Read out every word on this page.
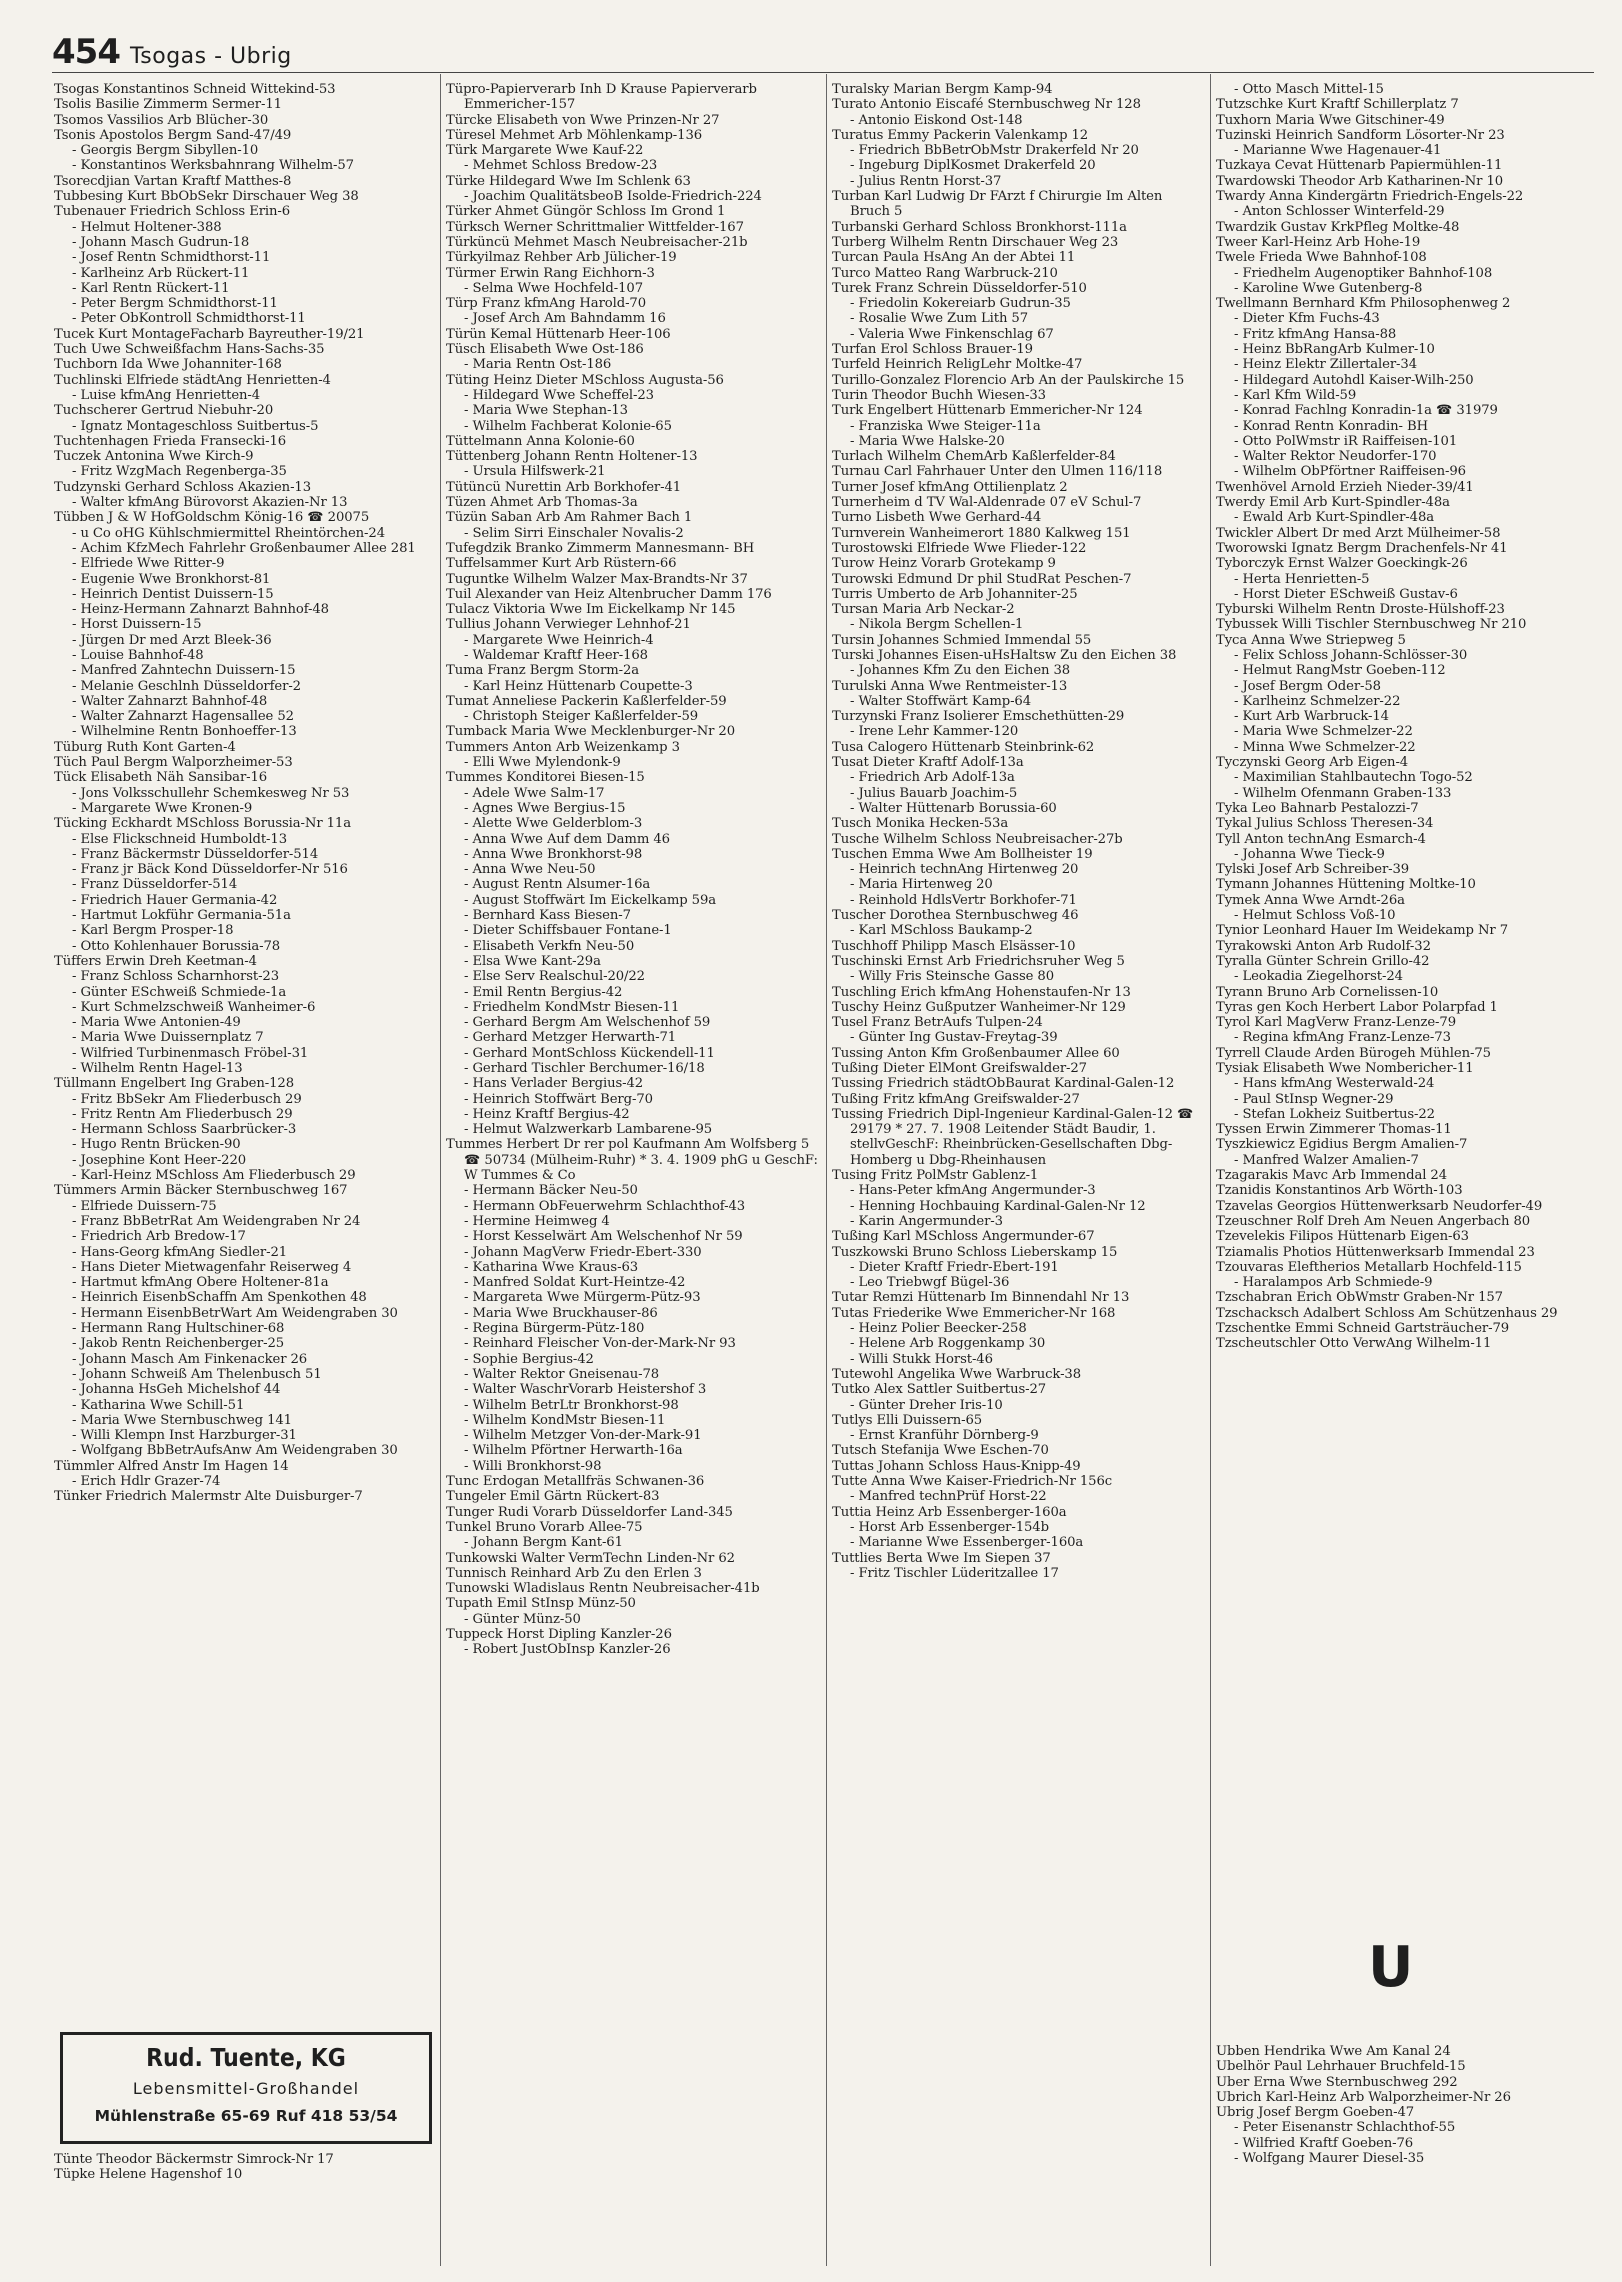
454 Tsogas - Ubrig
Tsogas Konstantinos Schneid Wittekind-53
Tsolis Basilie Zimmerm Sermer-11
Tsomos Vassilios Arb Blücher-30
Tsonis Apostolos Bergm Sand-47/49
- Georgis Bergm Sibyllen-10
- Konstantinos Werksbahnrang Wilhelm-57
Tsorecdjian Vartan Kraftf Matthes-8
Tubbesing Kurt BbObSekr Dirschauer Weg 38
Tubenauer Friedrich Schloss Erin-6
- Helmut Holtener-388
- Johann Masch Gudrun-18
- Josef Rentn Schmidthorst-11
- Karlheinz Arb Rückert-11
- Karl Rentn Rückert-11
- Peter Bergm Schmidthorst-11
- Peter ObKontroll Schmidthorst-11
Tucek Kurt MontageFacharb Bayreuther-19/21
Tuch Uwe Schweißfachm Hans-Sachs-35
Tuchborn Ida Wwe Johanniter-168
Tuchlinski Elfriede städtAng Henrietten-4
- Luise kfmAng Henrietten-4
Tuchscherer Gertrud Niebuhr-20
- Ignatz Montageschloss Suitbertus-5
Tuchtenhagen Frieda Fransecki-16
Tuczek Antonina Wwe Kirch-9
- Fritz WzgMach Regenberga-35
Tudzynski Gerhard Schloss Akazien-13
- Walter kfmAng Bürovorst Akazien-Nr 13
Tübben J & W HofGoldschm König-16 ☎ 20075
- u Co oHG Kühlschmiermittel Rheintörchen-24
- Achim KfzMech Fahrlehr Großenbaumer Allee 281
- Elfriede Wwe Ritter-9
- Eugenie Wwe Bronkhorst-81
- Heinrich Dentist Duissern-15
- Heinz-Hermann Zahnarzt Bahnhof-48
- Horst Duissern-15
- Jürgen Dr med Arzt Bleek-36
- Louise Bahnhof-48
- Manfred Zahntechn Duissern-15
- Melanie Geschlnh Düsseldorfer-2
- Walter Zahnarzt Bahnhof-48
- Walter Zahnarzt Hagensallee 52
- Wilhelmine Rentn Bonhoeffer-13
Tüburg Ruth Kont Garten-4
Tüch Paul Bergm Walporzheimer-53
Tück Elisabeth Näh Sansibar-16
- Jons Volksschullehr Schemkesweg Nr 53
- Margarete Wwe Kronen-9
Tücking Eckhardt MSchloss Borussia-Nr 11a
- Else Flickschneid Humboldt-13
- Franz Bäckermstr Düsseldorfer-514
- Franz jr Bäck Kond Düsseldorfer-Nr 516
- Franz Düsseldorfer-514
- Friedrich Hauer Germania-42
- Hartmut Lokführ Germania-51a
- Karl Bergm Prosper-18
- Otto Kohlenhauer Borussia-78
Tüffers Erwin Dreh Keetman-4
- Franz Schloss Scharnhorst-23
- Günter ESchweiß Schmiede-1a
- Kurt Schmelzschweiß Wanheimer-6
- Maria Wwe Antonien-49
- Maria Wwe Duissernplatz 7
- Wilfried Turbinenmasch Fröbel-31
- Wilhelm Rentn Hagel-13
Tüllmann Engelbert Ing Graben-128
- Fritz BbSekr Am Fliederbusch 29
- Fritz Rentn Am Fliederbusch 29
- Hermann Schloss Saarbrücker-3
- Hugo Rentn Brücken-90
- Josephine Kont Heer-220
- Karl-Heinz MSchloss Am Fliederbusch 29
Tümmers Armin Bäcker Sternbuschweg 167
- Elfriede Duissern-75
- Franz BbBetrRat Am Weidengraben Nr 24
- Friedrich Arb Bredow-17
- Hans-Georg kfmAng Siedler-21
- Hans Dieter Mietwagenfahr Reiserweg 4
- Hartmut kfmAng Obere Holtener-81a
- Heinrich EisenbSchaffn Am Spenkothen 48
- Hermann EisenbBetrWart Am Weidengraben 30
- Hermann Rang Hultschiner-68
- Jakob Rentn Reichenberger-25
- Johann Masch Am Finkenacker 26
- Johann Schweiß Am Thelenbusch 51
- Johanna HsGeh Michelshof 44
- Katharina Wwe Schill-51
- Maria Wwe Sternbuschweg 141
- Willi Klempn Inst Harzburger-31
- Wolfgang BbBetrAufsAnw Am Weidengraben 30
Tümmler Alfred Anstr Im Hagen 14
- Erich Hdlr Grazer-74
Tünker Friedrich Malermstr Alte Duisburger-7
Tüpro-Papierverarb Inh D Krause Papierverarb Emmericher-157
Türcke Elisabeth von Wwe Prinzen-Nr 27
Türesel Mehmet Arb Möhlenkamp-136
Türk Margarete Wwe Kauf-22
- Mehmet Schloss Bredow-23
Türke Hildegard Wwe Im Schlenk 63
- Joachim QualitätsbeoB Isolde-Friedrich-224
Türker Ahmet Güngör Schloss Im Grond 1
Türksch Werner Schrittmalier Wittfelder-167
Türküncü Mehmet Masch Neubreisacher-21b
Türkyilmaz Rehber Arb Jülicher-19
Türmer Erwin Rang Eichhorn-3
- Selma Wwe Hochfeld-107
Türp Franz kfmAng Harold-70
- Josef Arch Am Bahndamm 16
Türün Kemal Hüttenarb Heer-106
Tüsch Elisabeth Wwe Ost-186
- Maria Rentn Ost-186
Tüting Heinz Dieter MSchloss Augusta-56
- Hildegard Wwe Scheffel-23
- Maria Wwe Stephan-13
- Wilhelm Fachberat Kolonie-65
Tüttelmann Anna Kolonie-60
Tüttenberg Johann Rentn Holtener-13
- Ursula Hilfswerk-21
Tütüncü Nurettin Arb Borkhofer-41
Tüzen Ahmet Arb Thomas-3a
Tüzün Saban Arb Am Rahmer Bach 1
- Selim Sirri Einschaler Novalis-2
Tufegdzik Branko Zimmerm Mannesmann- BH
Tuffelsammer Kurt Arb Rüstern-66
Tuguntke Wilhelm Walzer Max-Brandts-Nr 37
Tuil Alexander van Heiz Altenbrucher Damm 176
Tulacz Viktoria Wwe Im Eickelkamp Nr 145
Tullius Johann Verwieger Lehnhof-21
- Margarete Wwe Heinrich-4
- Waldemar Kraftf Heer-168
Tuma Franz Bergm Storm-2a
- Karl Heinz Hüttenarb Coupette-3
Tumat Anneliese Packerin Kaßlerfelder-59
- Christoph Steiger Kaßlerfelder-59
Tumback Maria Wwe Mecklenburger-Nr 20
Tummers Anton Arb Weizenkamp 3
- Elli Wwe Mylendonk-9
Tummes Konditorei Biesen-15
- Adele Wwe Salm-17
- Agnes Wwe Bergius-15
- Alette Wwe Gelderblom-3
- Anna Wwe Auf dem Damm 46
- Anna Wwe Bronkhorst-98
- Anna Wwe Neu-50
- August Rentn Alsumer-16a
- August Stoffwärt Im Eickelkamp 59a
- Bernhard Kass Biesen-7
- Dieter Schiffsbauer Fontane-1
- Elisabeth Verkfn Neu-50
- Elsa Wwe Kant-29a
- Else Serv Realschul-20/22
- Emil Rentn Bergius-42
- Friedhelm KondMstr Biesen-11
- Gerhard Bergm Am Welschenhof 59
- Gerhard Metzger Herwarth-71
- Gerhard MontSchloss Kückendell-11
- Gerhard Tischler Berchumer-16/18
- Hans Verlader Bergius-42
- Heinrich Stoffwärt Berg-70
- Heinz Kraftf Bergius-42
- Helmut Walzwerkarb Lambarene-95
Tummes Herbert Dr rer pol Kaufmann Am Wolfsberg 5 ☎ 50734 (Mülheim-Ruhr) * 3. 4. 1909 phG u GeschF: W Tummes & Co
- Hermann Bäcker Neu-50
- Hermann ObFeuerwehrm Schlachthof-43
- Hermine Heimweg 4
- Horst Kesselwärt Am Welschenhof Nr 59
- Johann MagVerw Friedr-Ebert-330
- Katharina Wwe Kraus-63
- Manfred Soldat Kurt-Heintze-42
- Margareta Wwe Mürgerm-Pütz-93
- Maria Wwe Bruckhauser-86
- Regina Bürgerm-Pütz-180
- Reinhard Fleischer Von-der-Mark-Nr 93
- Sophie Bergius-42
- Walter Rektor Gneisenau-78
- Walter WaschrVorarb Heistershof 3
- Wilhelm BetrLtr Bronkhorst-98
- Wilhelm KondMstr Biesen-11
- Wilhelm Metzger Von-der-Mark-91
- Wilhelm Pförtner Herwarth-16a
- Willi Bronkhorst-98
Tunc Erdogan Metallfräs Schwanen-36
Tungeler Emil Gärtn Rückert-83
Tunger Rudi Vorarb Düsseldorfer Land-345
Tunkel Bruno Vorarb Allee-75
- Johann Bergm Kant-61
Tunkowski Walter VermTechn Linden-Nr 62
Tunnisch Reinhard Arb Zu den Erlen 3
Tunowski Wladislaus Rentn Neubreisacher-41b
Tupath Emil StInsp Münz-50
- Günter Münz-50
Tuppeck Horst Dipling Kanzler-26
- Robert JustObInsp Kanzler-26
Turalsky Marian Bergm Kamp-94
Turato Antonio Eiscafé Sternbuschweg Nr 128
- Antonio Eiskond Ost-148
Turatus Emmy Packerin Valenkamp 12
- Friedrich BbBetrObMstr Drakerfeld Nr 20
- Ingeburg DiplKosmet Drakerfeld 20
- Julius Rentn Horst-37
Turban Karl Ludwig Dr FArzt f Chirurgie Im Alten Bruch 5
Turbanski Gerhard Schloss Bronkhorst-111a
Turberg Wilhelm Rentn Dirschauer Weg 23
Turcan Paula HsAng An der Abtei 11
Turco Matteo Rang Warbruck-210
Turek Franz Schrein Düsseldorfer-510
- Friedolin Kokereiarb Gudrun-35
- Rosalie Wwe Zum Lith 57
- Valeria Wwe Finkenschlag 67
Turfan Erol Schloss Brauer-19
Turfeld Heinrich ReligLehr Moltke-47
Turillo-Gonzalez Florencio Arb An der Paulskirche 15
Turin Theodor Buchh Wiesen-33
Turk Engelbert Hüttenarb Emmericher-Nr 124
- Franziska Wwe Steiger-11a
- Maria Wwe Halske-20
Turlach Wilhelm ChemArb Kaßlerfelder-84
Turnau Carl Fahrhauer Unter den Ulmen 116/118
Turner Josef kfmAng Ottilienplatz 2
Turnerheim d TV Wal-Aldenrade 07 eV Schul-7
Turno Lisbeth Wwe Gerhard-44
Turnverein Wanheimerort 1880 Kalkweg 151
Turostowski Elfriede Wwe Flieder-122
Turow Heinz Vorarb Grotekamp 9
Turowski Edmund Dr phil StudRat Peschen-7
Turris Umberto de Arb Johanniter-25
Tursan Maria Arb Neckar-2
- Nikola Bergm Schellen-1
Tursin Johannes Schmied Immendal 55
Turski Johannes Eisen-uHsHaltsw Zu den Eichen 38
- Johannes Kfm Zu den Eichen 38
Turulski Anna Wwe Rentmeister-13
- Walter Stoffwärt Kamp-64
Turzynski Franz Isolierer Emschethütten-29
- Irene Lehr Kammer-120
Tusa Calogero Hüttenarb Steinbrink-62
Tusat Dieter Kraftf Adolf-13a
- Friedrich Arb Adolf-13a
- Julius Bauarb Joachim-5
- Walter Hüttenarb Borussia-60
Tusch Monika Hecken-53a
Tusche Wilhelm Schloss Neubreisacher-27b
Tuschen Emma Wwe Am Bollheister 19
- Heinrich technAng Hirtenweg 20
- Maria Hirtenweg 20
- Reinhold HdlsVertr Borkhofer-71
Tuscher Dorothea Sternbuschweg 46
- Karl MSchloss Baukamp-2
Tuschhoff Philipp Masch Elsässer-10
Tuschinski Ernst Arb Friedrichsruher Weg 5
- Willy Fris Steinsche Gasse 80
Tuschling Erich kfmAng Hohenstaufen-Nr 13
Tuschy Heinz Gußputzer Wanheimer-Nr 129
Tusel Franz BetrAufs Tulpen-24
- Günter Ing Gustav-Freytag-39
Tussing Anton Kfm Großenbaumer Allee 60
Tußing Dieter ElMont Greifswalder-27
Tussing Friedrich städtObBaurat Kardinal-Galen-12
Tußing Fritz kfmAng Greifswalder-27
Tussing Friedrich Dipl-Ingenieur Kardinal-Galen-12 ☎ 29179 * 27. 7. 1908 Leitender Städt Baudir, 1. stellvGeschF: Rheinbrücken-Gesellschaften Dbg-Homberg u Dbg-Rheinhausen
Tusing Fritz PolMstr Gablenz-1
- Hans-Peter kfmAng Angermunder-3
- Henning Hochbauing Kardinal-Galen-Nr 12
- Karin Angermunder-3
Tußing Karl MSchloss Angermunder-67
Tuszkowski Bruno Schloss Lieberskamp 15
- Dieter Kraftf Friedr-Ebert-191
- Leo Triebwgf Bügel-36
Tutar Remzi Hüttenarb Im Binnendahl Nr 13
Tutas Friederike Wwe Emmericher-Nr 168
- Heinz Polier Beecker-258
- Helene Arb Roggenkamp 30
- Willi Stukk Horst-46
Tutewohl Angelika Wwe Warbruck-38
Tutko Alex Sattler Suitbertus-27
- Günter Dreher Iris-10
Tutlys Elli Duissern-65
- Ernst Kranführ Dörnberg-9
Tutsch Stefanija Wwe Eschen-70
Tuttas Johann Schloss Haus-Knipp-49
Tutte Anna Wwe Kaiser-Friedrich-Nr 156c
- Manfred technPrüf Horst-22
Tuttia Heinz Arb Essenberger-160a
- Horst Arb Essenberger-154b
- Marianne Wwe Essenberger-160a
Tuttlies Berta Wwe Im Siepen 37
- Fritz Tischler Lüderitzallee 17
- Otto Masch Mittel-15
Tutzschke Kurt Kraftf Schillerplatz 7
Tuxhorn Maria Wwe Gitschiner-49
Tuzinski Heinrich Sandform Lösorter-Nr 23
- Marianne Wwe Hagenauer-41
Tuzkaya Cevat Hüttenarb Papiermühlen-11
Twardowski Theodor Arb Katharinen-Nr 10
Twardy Anna Kindergärtn Friedrich-Engels-22
- Anton Schlosser Winterfeld-29
Twardzik Gustav KrkPfleg Moltke-48
Tweer Karl-Heinz Arb Hohe-19
Twele Frieda Wwe Bahnhof-108
- Friedhelm Augenoptiker Bahnhof-108
- Karoline Wwe Gutenberg-8
Twellmann Bernhard Kfm Philosophenweg 2
- Dieter Kfm Fuchs-43
- Fritz kfmAng Hansa-88
- Heinz BbRangArb Kulmer-10
- Heinz Elektr Zillertaler-34
- Hildegard Autohdl Kaiser-Wilh-250
- Karl Kfm Wild-59
- Konrad Fachlng Konradin-1a ☎ 31979
- Konrad Rentn Konradin- BH
- Otto PolWmstr iR Raiffeisen-101
- Walter Rektor Neudorfer-170
- Wilhelm ObPförtner Raiffeisen-96
Twenhövel Arnold Erzieh Nieder-39/41
Twerdy Emil Arb Kurt-Spindler-48a
- Ewald Arb Kurt-Spindler-48a
Twickler Albert Dr med Arzt Mülheimer-58
Tworowski Ignatz Bergm Drachenfels-Nr 41
Tyborczyk Ernst Walzer Goeckingk-26
- Herta Henrietten-5
- Horst Dieter ESchweiß Gustav-6
Tyburski Wilhelm Rentn Droste-Hülshoff-23
Tybussek Willi Tischler Sternbuschweg Nr 210
Tyca Anna Wwe Striepweg 5
- Felix Schloss Johann-Schlösser-30
- Helmut RangMstr Goeben-112
- Josef Bergm Oder-58
- Karlheinz Schmelzer-22
- Kurt Arb Warbruck-14
- Maria Wwe Schmelzer-22
- Minna Wwe Schmelzer-22
Tyczynski Georg Arb Eigen-4
- Maximilian Stahlbautechn Togo-52
- Wilhelm Ofenmann Graben-133
Tyka Leo Bahnarb Pestalozzi-7
Tykal Julius Schloss Theresen-34
Tyll Anton technAng Esmarch-4
- Johanna Wwe Tieck-9
Tylski Josef Arb Schreiber-39
Tymann Johannes Hüttening Moltke-10
Tymek Anna Wwe Arndt-26a
- Helmut Schloss Voß-10
Tynior Leonhard Hauer Im Weidekamp Nr 7
Tyrakowski Anton Arb Rudolf-32
Tyralla Günter Schrein Grillo-42
- Leokadia Ziegelhorst-24
Tyrann Bruno Arb Cornelissen-10
Tyras gen Koch Herbert Labor Polarpfad 1
Tyrol Karl MagVerw Franz-Lenze-79
- Regina kfmAng Franz-Lenze-73
Tyrrell Claude Arden Bürogeh Mühlen-75
Tysiak Elisabeth Wwe Nombericher-11
- Hans kfmAng Westerwald-24
- Paul StInsp Wegner-29
- Stefan Lokheiz Suitbertus-22
Tyssen Erwin Zimmerer Thomas-11
Tyszkiewicz Egidius Bergm Amalien-7
- Manfred Walzer Amalien-7
Tzagarakis Mavc Arb Immendal 24
Tzanidis Konstantinos Arb Wörth-103
Tzavelas Georgios Hüttenwerksarb Neudorfer-49
Tzeuschner Rolf Dreh Am Neuen Angerbach 80
Tzevelekis Filipos Hüttenarb Eigen-63
Tziamalis Photios Hüttenwerksarb Immendal 23
Tzouvaras Eleftherios Metallarb Hochfeld-115
- Haralampos Arb Schmiede-9
Tzschabran Erich ObWmstr Graben-Nr 157
Tzschacksch Adalbert Schloss Am Schützenhaus 29
Tzschentke Emmi Schneid Gartsträucher-79
Tzscheutschler Otto VerwAng Wilhelm-11
U
Ubben Hendrika Wwe Am Kanal 24
Ubelhör Paul Lehrhauer Bruchfeld-15
Uber Erna Wwe Sternbuschweg 292
Ubrich Karl-Heinz Arb Walporzheimer-Nr 26
Ubrig Josef Bergm Goeben-47
- Peter Eisenanstr Schlachthof-55
- Wilfried Kraftf Goeben-76
- Wolfgang Maurer Diesel-35
Rud. Tuente, KG
Lebensmittel-Großhandel
Mühlenstraße 65-69 Ruf 418 53/54
Tünte Theodor Bäckermstr Simrock-Nr 17
Tüpke Helene Hagenshof 10
